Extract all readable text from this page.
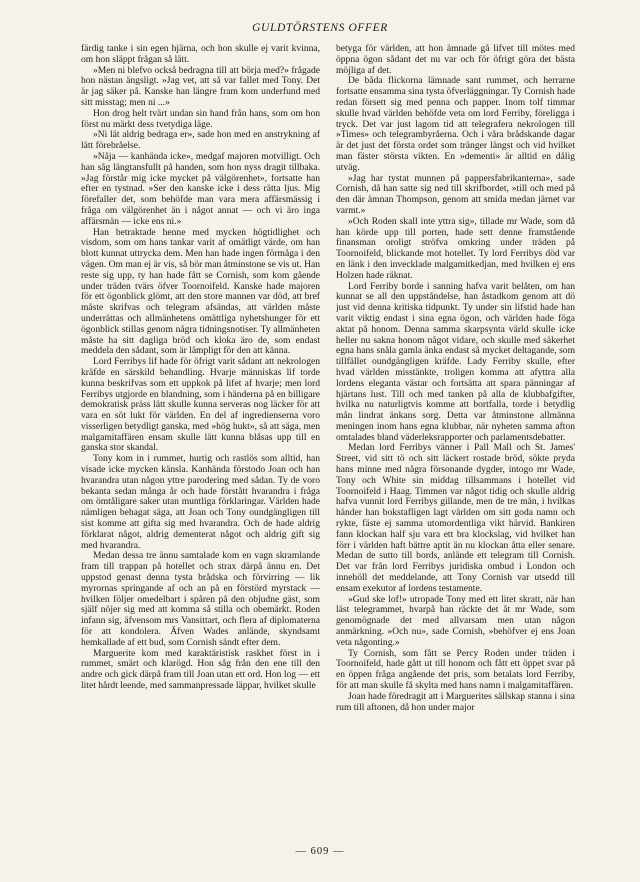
GULDTÖRSTENS OFFER

färdig tanke i sin egen hjärna, och hon skulle ej varit kvinna, om hon släppt frågan så lätt.

»Men ni blefvo också bedragna till att börja med?» frågade hon nästan ängsligt. »Jag vet, att så var fallet med Tony. Det är jag säker på. Kanske han längre fram kom underfund med sitt misstag; men ni ...»

Hon drog helt tvärt undan sin hand från hans, som om hon först nu märkt dess tvetydiga läge.

»Ni lät aldrig bedraga er», sade hon med en anstrykning af lätt förebråelse.

»Nåja — kanhända icke», medgaf majoren motvilligt. Och han såg längtansfullt på handen, som hon nyss dragit tillbaka. »Jag förstår mig icke mycket på välgörenhet», fortsatte han efter en tystnad. »Ser den kanske icke i dess rätta ljus. Mig förefaller det, som behöfde man vara mera affärsmässig i fråga om välgörenhet än i något annat — och vi äro inga affärsmän — icke ens ni.»

Han betraktade henne med mycken högtidlighet och visdom, som om hans tankar varit af omätligt värde, om han blott kunnat uttrycka dem. Men han hade ingen förmåga i den vägen. Om man ej är vis, så bör man åtminstone se vis ut. Han reste sig upp, ty han hade fått se Cornish, som kom gående under träden tvärs öfver Toornoifeld. Kanske hade majoren för ett ögonblick glömt, att den store mannen var död, att bref måste skrifvas och telegram afsändas, att världen måste underrättas och allmänhetens omättliga nyhetshunger för ett ögonblick stillas genom några tidningsnotiser. Ty allmänheten måste ha sitt dagliga bröd och kloka äro de, som endast meddela den sådant, som är lämpligt för den att känna.

Lord Ferribys lif hade för öfrigt varit sådant att nekrologen kräfde en särskild behandling. Hvarje människas lif torde kunna beskrifvas som ett uppkok på lifet af hvarje; men lord Ferribys utgjorde en blandning, som i händerna på en billigare demokratisk präss lätt skulle kunna serveras nog läcker för att vara en söt lukt för världen. En del af ingredienserna voro visserligen betydligt ganska, med »hög hukt», så att säga, men malgamitaffären ensam skulle lätt kunna blåsas upp till en ganska stor skandal.

Tony kom in i rummet, hurtig och rastlös som alltid, han visade icke mycken känsla. Kanhända förstodo Joan och han hvarandra utan någon yttre parodering med sådan. Ty de voro bekanta sedan många år och hade förstått hvarandra i fråga om ömtåligare saker utan muntliga förklaringar. Världen hade nämligen behagat säga, att Joan och Tony oundgängligen till sist komme att gifta sig med hvarandra. Och de hade aldrig förklarat något, aldrig dementerat något och aldrig gift sig med hvarandra.

Medan dessa tre ännu samtalade kom en vagn skramlande fram till trappan på hotellet och strax därpå ännu en. Det uppstod genast denna tysta brådska och förvirring — lik myrornas springande af och an på en förstörd myrstack — hvilken följer omedelbart i spåren på den objudne gäst, som själf nöjer sig med att komma så stilla och obemärkt. Roden infann sig, äfvensom mrs Vansittart, och flera af diplomaterna för att kondolera. Äfven Wades anlände, skyndsamt hemkallade af ett bud, som Cornish sändt efter dem.

Marguerite kom med karaktäristisk raskhet först in i rummet, smärt och klarögd. Hon såg från den ene till den andre och gick därpå fram till Joan utan ett ord. Hon log — ett litet hårdt leende, med sammanpressade läppar, hvilket skulle

betyga för världen, att hon ämnade gå lifvet till mötes med öppna ögon sådant det nu var och för öfrigt göra det bästa möjliga af det.

De båda flickorna lämnade sant rummet, och herrarne fortsatte ensamma sina tysta öfverläggningar. Ty Cornish hade redan försett sig med penna och papper. Inom tolf timmar skulle hvad världen behöfde veta om lord Ferriby, föreligga i tryck. Det var just lagom tid att telegrafera nekrologen till »Times» och telegrambyråerna. Och i våra brådskande dagar är det just det första ordet som tränger längst och vid hvilket man fäster största vikten. En »dementi» är alltid en dålig utväg.

»Jag har tystat munnen på pappersfabrikanterna», sade Cornish, då han satte sig ned till skrifbordet, »till och med på den där ämnan Thompson, genom att smida medan järnet var varmt.»

»Och Roden skall inte yttra sig», tillade mr Wade, som då han körde upp till porten, hade sett denne framstående finansman oroligt ströfva omkring under träden på Toornoifeld, blickande mot hotellet. Ty lord Ferribys död var en länk i den invecklade malgamitkedjan, med hvilken ej ens Holzen hade räknat.

Lord Ferriby borde i sanning hafva varit belåten, om han kunnat se all den uppståndelse, han åstadkom genom att dö just vid denna kritiska tidpunkt. Ty under sin lifstid hade han varit viktig endast i sina egna ögon, och världen hade föga aktat på honom. Denna samma skarpsynta värld skulle icke heller nu sakna honom något vidare, och skulle med säkerhet egna hans snåla gamla änka endast så mycket deltagande, som tillfället oundgängligen kräfde. Lady Ferriby skulle, efter hvad världen misstänkte, troligen komma att afyttra alla lordens eleganta västar och fortsätta att spara pänningar af hjärtans lust. Till och med tanken på alla de klubbafgifter, hvilka nu naturligtvis komme att bortfalla, torde i betydlig mån lindrat änkans sorg. Detta var åtminstone allmänna meningen inom hans egna klubbar, när nyheten samma afton omtalades bland väderleksrapporter och parlamentsdebatter.

Medan lord Ferribys vänner i Pall Mall och St. James' Street, vid sitt tö och sitt läckert rostade bröd, sökte pryda hans minne med några försonande dygder, intogo mr Wade, Tony och White sin middag tillsammans i hotellet vid Toornoifeld i Haag. Timmen var något tidig och skulle aldrig hafva vunnit lord Ferribys gillande, men de tre män, i hvilkas händer han bokstafligen lagt världen om sitt goda namn och rykte, fäste ej samma utomordentliga vikt härvid. Bankiren fann klockan half sju vara ett bra klockslag, vid hvilket han förr i världen haft bättre aptit än nu klockan åtta eller senare. Medan de sutto till bords, anlände ett telegram till Cornish. Det var från lord Ferribys juridiska ombud i London och innehöll det meddelande, att Tony Cornish var utsedd till ensam exekutor af lordens testamente.

»Gud ske lof!» utropade Tony med ett litet skratt, när han läst telegrammet, hvarpå han räckte det åt mr Wade, som genomögnade det med allvarsam men utan någon anmärkning. »Och nu», sade Cornish, »behöfver ej ens Joan veta någonting.»

Ty Cornish, som fått se Percy Roden under träden i Toornoifeld, hade gått ut till honom och fått ett öppet svar på en öppen fråga angående det pris, som betalats lord Ferriby, för att man skulle få skylta med hans namn i malgamitaffären.

Joan hade föredragit att i Marguerites sällskap stanna i sina rum till aftonen, då hon under major

— 609 —
